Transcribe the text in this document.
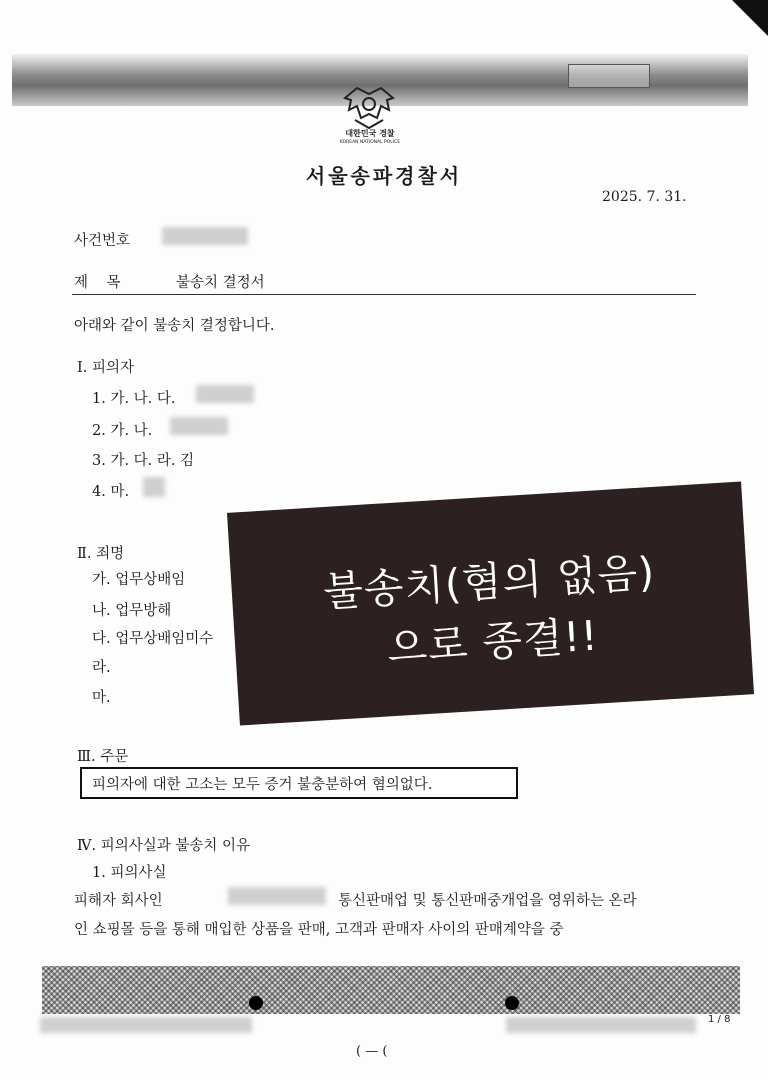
대한민국 경찰
KOREAN NATIONAL POLICE
서울송파경찰서
2025. 7. 31.
사건번호
제    목	불송치 결정서
아래와 같이 불송치 결정합니다.
Ⅰ. 피의자
1. 가. 나. 다.
2. 가. 나.
3. 가. 다. 라. 김
4. 마.
Ⅱ. 죄명
가. 업무상배임
나. 업무방해
다. 업무상배임미수
라.
마.
Ⅲ. 주문
피의자에 대한 고소는 모두 증거 불충분하여 혐의없다.
Ⅳ. 피의사실과 불송치 이유
1. 피의사실
피해자 회사인	통신판매업 및 통신판매중개업을 영위하는 온라
인 쇼핑몰 등을 통해 매입한 상품을 판매, 고객과 판매자 사이의 판매계약을 중
불송치(혐의 없음)
으로 종결!!
1 / 8
( — (
